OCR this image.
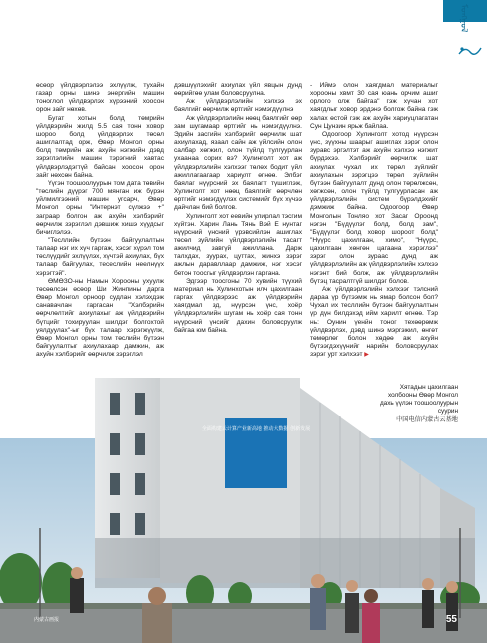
ᠮᠣᠩᠭᠣᠯ

өсөор үйлдвэрлэлээ эхлүүлж, тухайн газар орны шинэ энергийн машин тоноглол үйлдвэрлэх хүрээний хоосон орон зайг нөхөв.

Бугат хотын болд төмрийн үйлдвэрийн жилд 5.5 сая тонн ховор шороо болд үйлдвэрлэх төсөл ашиглалтад орж, Өвөр Монгол орны болд төмрийн аж ахуйн нэгжийн дэвд зэрэглэлийн машин тэрэгний хавтас үйлдвэрлэдэгтүй байсан хоосон орон зайг нөхсөн байна.

Үүгэн тоошоолуурын том дата төвийн "төслийн дүүрэг 700 мянган иж бүрэн уйлмилгээний машин угсарч, Өвөр Монгол орны "Интернэт сүлжээ +" заграар болгон аж ахуйн хэлбэрийг өөрчилж зэрэглэл дэвшиж хишэ хүудсыг бичиглэлээ.

"Тесллийн бүтээн байгуулалтын талаар нэг их хүч гаргаж, хэсэг хүрэл том төслүүдийг эхлүүлэх, хүчтэй ахиулах, бүх талаар байгуулах, тесеслийн неелнүүх хэрэгтэй".

ӨМӨЗО-ны Намын Хорооны ухуулж төсөөлсэн өсөор Ши Жинпины дарга Өвөр Монгол орноор судлан хэлэхдэж санавачлан гаргасан "Хэлбэрийн өөрчлөлтийг ахиулахыг аж үйлдвэрийн бүтцийг тохируулан шилдэг болгохтой уялдуулах"-ыг бүх талаар хэрэгжүүлж, Өвөр Монгол орны том төслийн бүтээн байгуулалтыг ахиулахаар дамжин, аж ахуйн хэлбэрийг өөрчилж зэрэглэл

дэвшүүлэхийг ахиулах үйл явцын дунд өөрийгөө улам боловсруулна.

Аж үйлдвэрлэлийн хэлхээ эх баялгийг өөрчилж өртгийг нэмэгдүүлнэ

Аж үйлдвэрлэлийн нөөц баялгийг өөр зам шугамаар өртгийг нь нэмэгдүүлнэ. Эдийн засгийн хэлбэрийг өөрчилж шат ахиулахад, язаал сайн аж үйлсийн олон салбар хөгжил, олон түйлд тулгуурлан ухаанаа сорих вэ? Хулинголт хот аж үйлдвэрлэлийн хэлхээг төлөх бодит үйл ажиллагаагаар хариулт өгнөө. Элбэг баялаг нүүрсний эх баялагт түшиглэж, Хулинголт хот нөөц баялгийг өөрчлөн өртгийг нэмэгдүүлэх системийг бүх хүчээ дайчлан бий болгов.

Хулинголт хот еевийн улирлал тэсгим хүйтэн. Харин Лань Тянь Вэй Е нунтаг нүүрсний үнсний үрэвсийлэн ашиглах төсөл зуйлийн үйлдвэрлэлийн тасагт ажилчид завгүй ажиллана. Дарж талхдах, зуурах, цуттах, жинхэ зэрэг ажлын даравллаар дамжиж, нэг хэсэг бетон тоосгыг үйлдвэрлэн гаргана.

Эдгээр тоосгоны 70 хувийн түүхий материал нь Хулинхотын илч цахилгаан гаргах үйлдвэрээс аж үйлдвэрийн хаягдмал зд, нүүрсэн үнс, хоёр үйлдвэрлэлийн шугам нь хоёр сая тонн нүүрсний үнсийг дахин боловсруулж байгаа юм байна.

- Иймэ олон хаягдмал материалыг хорооны хвмт 30 сая юань орчим ашиг орлого олж байгаа" гэж хүчан хот хаягдлыг ховор эрдэнэ болгож байна гэж халах өстой гэж аж ахуйн хариуцлагатан Сун Цунзин ярьж байлаа.

Одоогоор Хулинголт хотод нүүрсэн үнс, зүүхны шаарыг ашиглах зэрэг олон зуравс эргэлтэт аж ахуйн хэлхээ нэгжит бүрдэхээ. Хэлбэрийг өөрчилж шат ахиулах чухал их төрөл зүйлийг ахиулахын зэрэгцээ төрөл зүйлийн бүтээн байгуулалт дунд олон төрөлжсөн, хөгжсөн, олон түйлд тулгуурласан аж үйлдвэрлэлийн систем бүрэлдэхийг дэмжиж байна. Одоогоор Өвөр Монголын Тонляо хот Засаг Ороонд нэгэн "Бүдүүлэг болд, болд зам", "Бүдүүлэг болд ховор шороот болд" "Нүүрс цахилгаан, химо", "Нүүрс, цахилгаан хөнгөн цагаана хэрэглээ" зэрэг олон зураас дунд аж үйлдвэрлэлийн аж үйлдвэрлэлийн хэлхээ нэгэнт бий болж, аж үйлдвэрлэлийн бүтэц тасралтгүй шилдэг болов.

Аж үйлдвэрлэлийн хэлхээг тэлсний дараа үр бүтээмж нь ямар болсон бол? Чухал их тесллийн бүтээн байгуулалтын үр дүн билдэхэд ийм харилт өгнөө. Тэр нь: Оунин үенйн тоног техөөрөмж үйлдвэрлэх, дэвд шинэ мэргэжил, өнгөт төмөрлөг болон хөдөө аж ахуйн бүтээгдэхүүнийг нарийн боловсруулах зэрэг урт хэлхээт ▶

全面构建云计算产业新高地 推动大数据 创新发展
内蒙古画报	55
Хятадын цахилгаан
холбооны Өвөр Монгол
дахь үүлэн тоошоолуурын
суурин
中国电信内蒙古云基地
